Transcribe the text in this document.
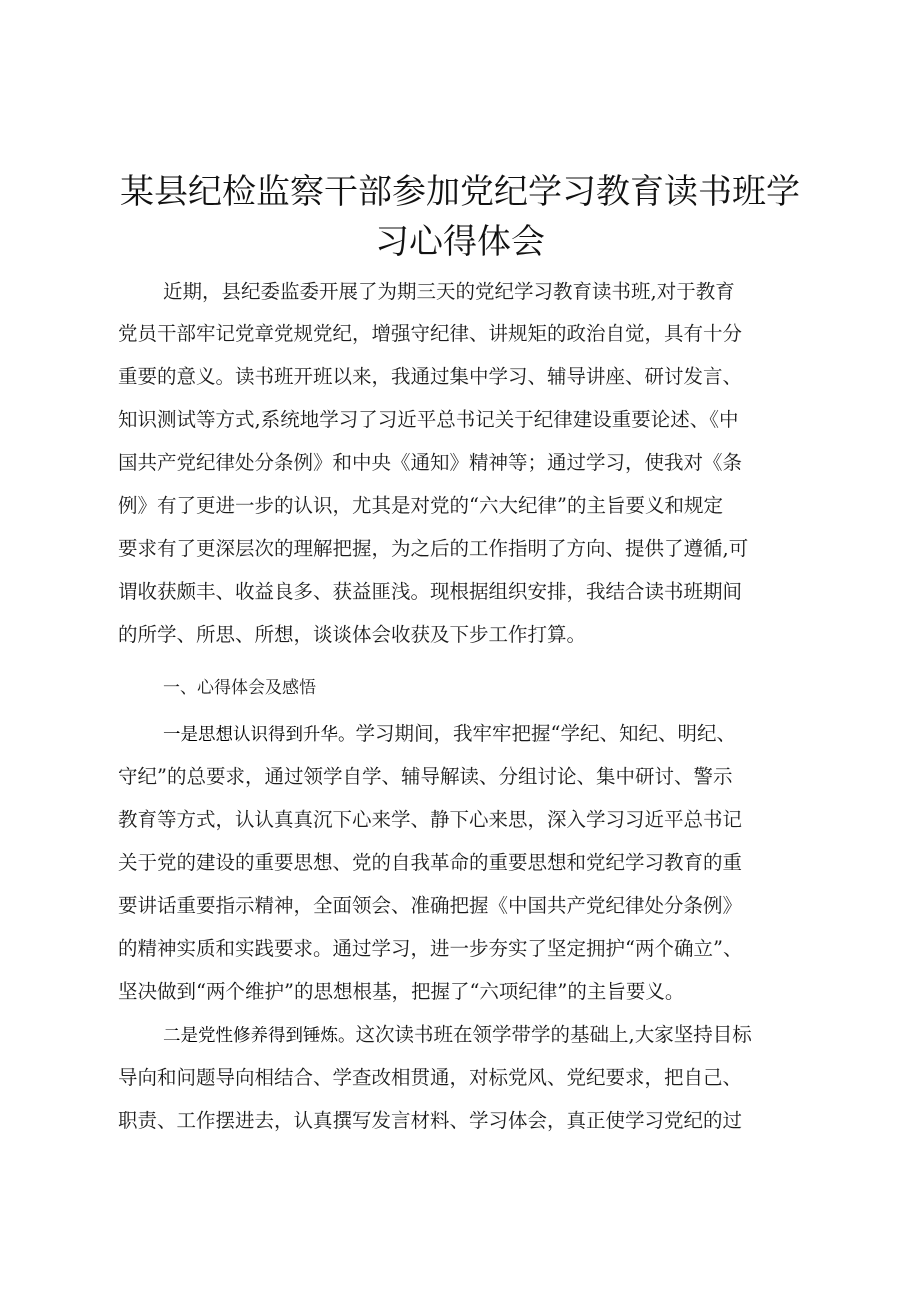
某县纪检监察干部参加党纪学习教育读书班学
习心得体会
近期，县纪委监委开展了为期三天的党纪学习教育读书班,对于教育
党员干部牢记党章党规党纪，增强守纪律、讲规矩的政治自觉，具有十分
重要的意义。读书班开班以来，我通过集中学习、辅导讲座、研讨发言、
知识测试等方式,系统地学习了习近平总书记关于纪律建设重要论述、《中
国共产党纪律处分条例》和中央《通知》精神等；通过学习，使我对《条
例》有了更进一步的认识，尤其是对党的“六大纪律”的主旨要义和规定
要求有了更深层次的理解把握，为之后的工作指明了方向、提供了遵循,可
谓收获颇丰、收益良多、获益匪浅。现根据组织安排，我结合读书班期间
的所学、所思、所想，谈谈体会收获及下步工作打算。
一、心得体会及感悟
一是思想认识得到升华。学习期间，我牢牢把握“学纪、知纪、明纪、
守纪”的总要求，通过领学自学、辅导解读、分组讨论、集中研讨、警示
教育等方式，认认真真沉下心来学、静下心来思，深入学习习近平总书记
关于党的建设的重要思想、党的自我革命的重要思想和党纪学习教育的重
要讲话重要指示精神，全面领会、准确把握《中国共产党纪律处分条例》
的精神实质和实践要求。通过学习，进一步夯实了坚定拥护“两个确立”、
坚决做到“两个维护”的思想根基，把握了“六项纪律”的主旨要义。
二是党性修养得到锤炼。这次读书班在领学带学的基础上,大家坚持目标
导向和问题导向相结合、学查改相贯通，对标党风、党纪要求，把自己、
职责、工作摆进去，认真撰写发言材料、学习体会，真正使学习党纪的过
